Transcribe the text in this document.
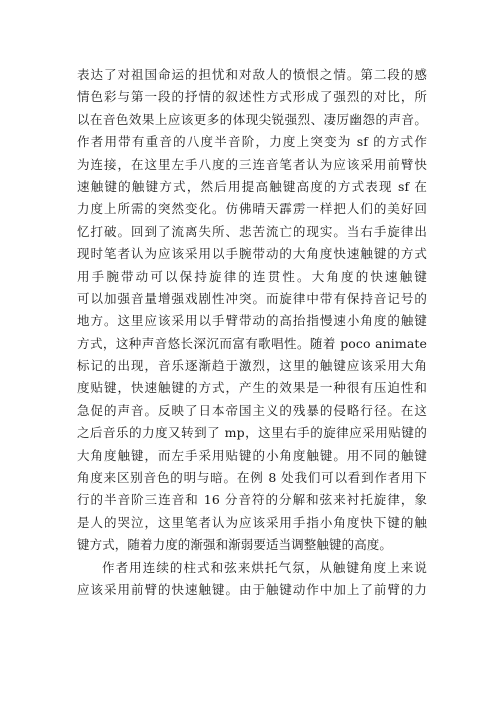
表达了对祖国命运的担忧和对敌人的愤恨之情。第二段的感
情色彩与第一段的抒情的叙述性方式形成了强烈的对比，所
以在音色效果上应该更多的体现尖锐强烈、凄厉幽怨的声音。
作者用带有重音的八度半音阶，力度上突变为 sf 的方式作
为连接，在这里左手八度的三连音笔者认为应该采用前臂快
速触键的触键方式，然后用提高触键高度的方式表现 sf 在
力度上所需的突然变化。仿佛晴天霹雳一样把人们的美好回
忆打破。回到了流离失所、悲苦流亡的现实。当右手旋律出
现时笔者认为应该采用以手腕带动的大角度快速触键的方式
用手腕带动可以保持旋律的连贯性。大角度的快速触键
可以加强音量增强戏剧性冲突。而旋律中带有保持音记号的
地方。这里应该采用以手臂带动的高抬指慢速小角度的触键
方式，这种声音悠长深沉而富有歌唱性。随着 poco animate
标记的出现，音乐逐渐趋于激烈，这里的触键应该采用大角
度贴键，快速触键的方式，产生的效果是一种很有压迫性和
急促的声音。反映了日本帝国主义的残暴的侵略行径。在这
之后音乐的力度又转到了 mp，这里右手的旋律应采用贴键的
大角度触键，而左手采用贴键的小角度触键。用不同的触键
角度来区别音色的明与暗。在例 8 处我们可以看到作者用下
行的半音阶三连音和 16 分音符的分解和弦来衬托旋律，象
是人的哭泣，这里笔者认为应该采用手指小角度快下键的触
键方式，随着力度的渐强和渐弱要适当调整触键的高度。
作者用连续的柱式和弦来烘托气氛，从触键角度上来说
应该采用前臂的快速触键。由于触键动作中加上了前臂的力
